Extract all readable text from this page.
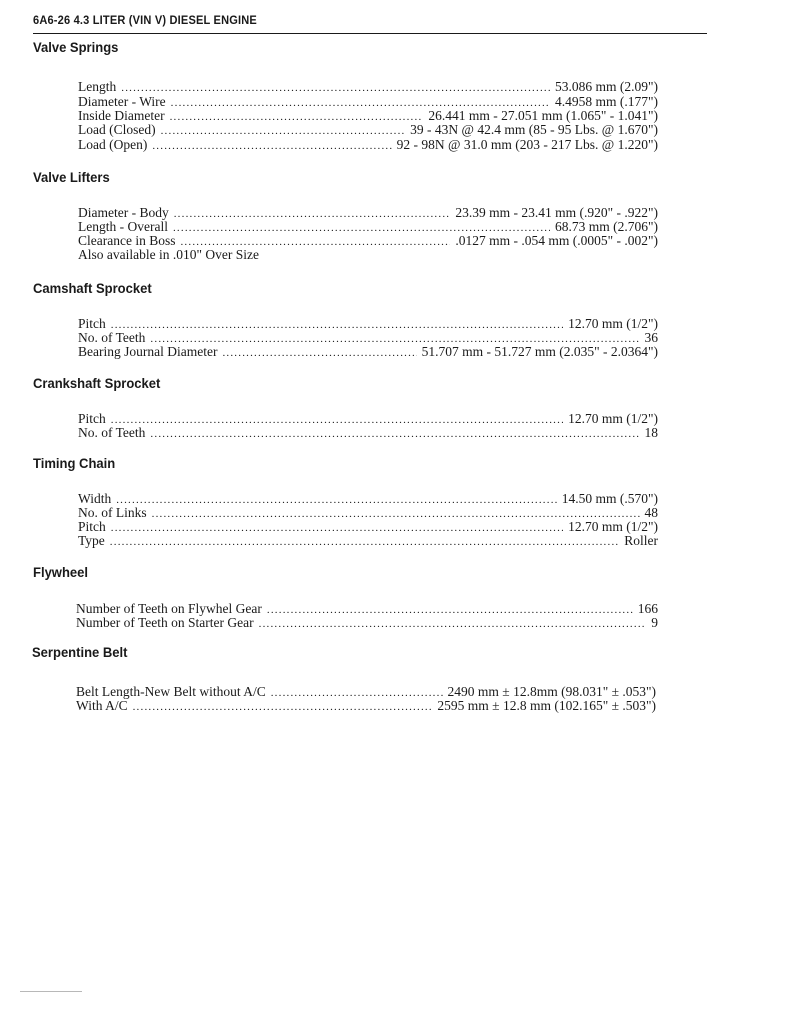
6A6-26 4.3 LITER (VIN V) DIESEL ENGINE
Valve Springs
Length .....	53.086 mm (2.09")
Diameter - Wire .....	4.4958 mm (.177")
Inside Diameter .....	26.441 mm - 27.051 mm (1.065" - 1.041")
Load (Closed) .....	39 - 43N @ 42.4 mm (85 - 95 Lbs. @ 1.670")
Load (Open) .....	92 - 98N @ 31.0 mm (203 - 217 Lbs. @ 1.220")
Valve Lifters
Diameter - Body .....	23.39 mm - 23.41 mm (.920" - .922")
Length - Overall .....	68.73 mm (2.706")
Clearance in Boss .....	.0127 mm - .054 mm (.0005" - .002")
Also available in .010" Over Size
Camshaft Sprocket
Pitch .....	12.70 mm (1/2")
No. of Teeth .....	36
Bearing Journal Diameter .....	51.707 mm - 51.727 mm (2.035" - 2.0364")
Crankshaft Sprocket
Pitch .....	12.70 mm (1/2")
No. of Teeth .....	18
Timing Chain
Width .....	14.50 mm (.570")
No. of Links .....	48
Pitch .....	12.70 mm (1/2")
Type .....	Roller
Flywheel
Number of Teeth on Flywhel Gear .....	166
Number of Teeth on Starter Gear .....	9
Serpentine Belt
Belt Length-New Belt without A/C .....	2490 mm ± 12.8mm (98.031" ± .053")
With A/C .....	2595 mm ± 12.8 mm (102.165" ± .503")
